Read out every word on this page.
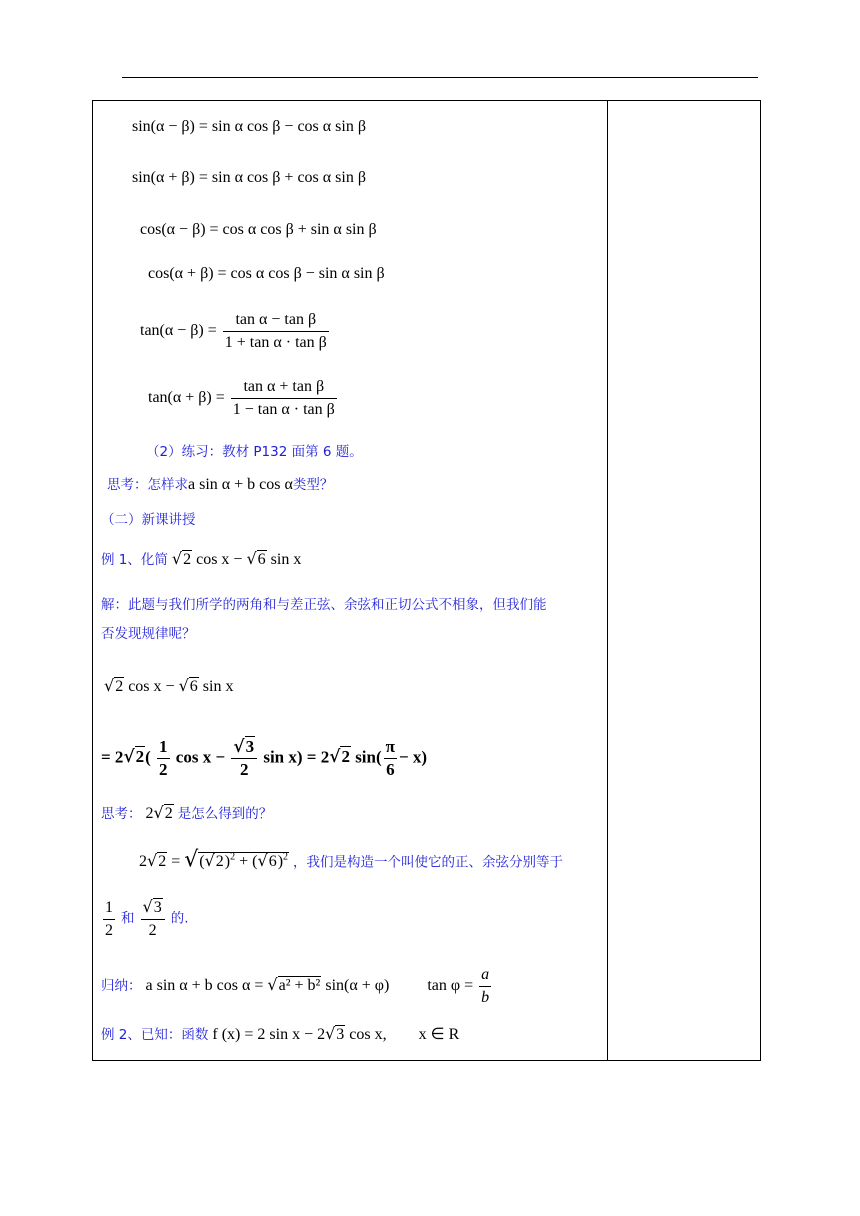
sin(α − β) = sin α cos β − cos α sin β
sin(α + β) = sin α cos β + cos α sin β
cos(α − β) = cos α cos β + sin α sin β
cos(α + β) = cos α cos β − sin α sin β
$\tan(\alpha - \beta) = \frac{\text{tan α − tan β}}{\text{1 + tan α · tan β}}$
$\tan(\alpha + \beta) = \frac{\text{tan α + tan β}}{\text{1 − tan α · tan β}}$
（2）练习：教材 P132 面第 6 题。
思考：怎样求a sin α + b cos α类型？
（二）新课讲授
例 1、化简 √2 cos x − √6 sin x
解：此题与我们所学的两角和与差正弦、余弦和正切公式不相象，但我们能
否发现规律呢？
√2 cos x − √6 sin x
= $2√2( \frac{1}{2}$ $\cos x - \frac{√3}{2}$ sin x) = 2√2 $\sin( \frac{\pi}{6} - x)$
思考： 2√2 是怎么得到的？
$2√2 = √(√2)^2 + (√6)^2$ ，我们是构造一个叫使它的正、余弦分别等于
$\frac{1}{2}$ 和 $\frac{√3}{2}$ 的.
归纳： a sin α + b cos α = √a² + b² sin(α + φ) $\tan \varphi = \frac{a}{b}$
例 2、已知：函数 f (x) = 2 sin x − 2√3 cos x, x ∈ R
